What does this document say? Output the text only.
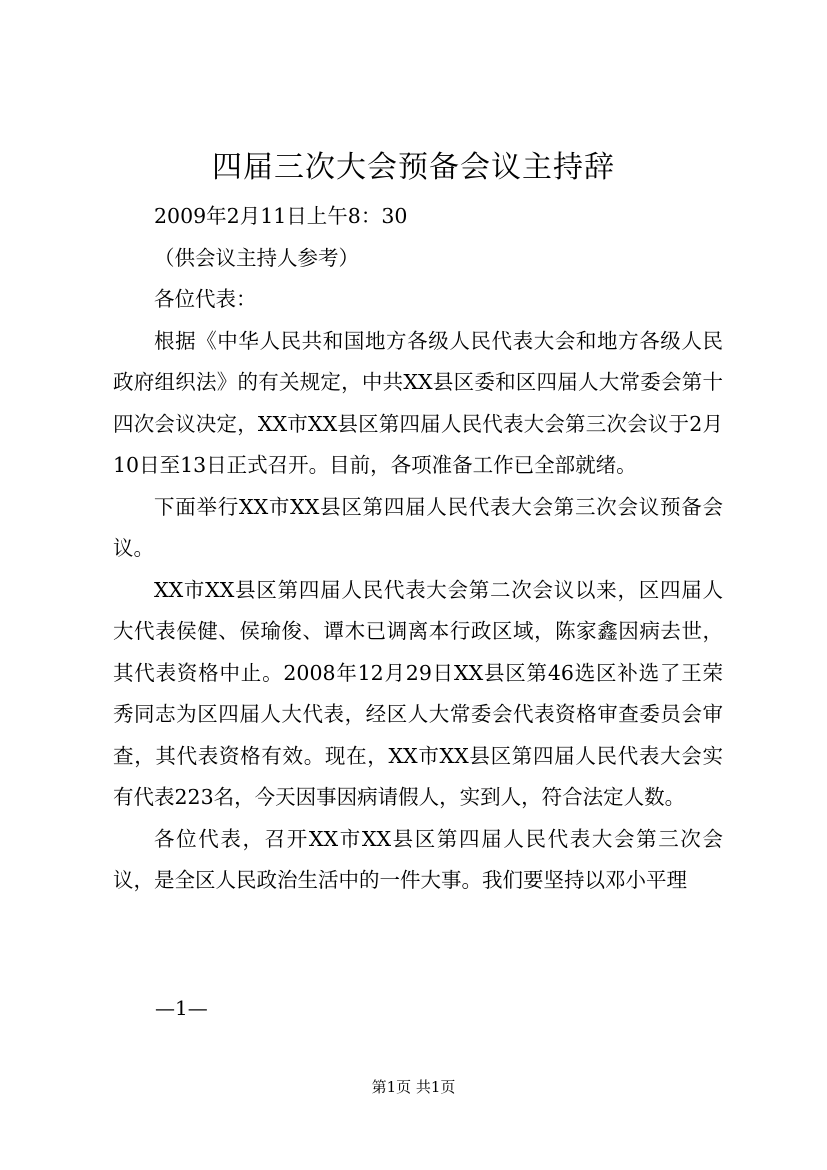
四届三次大会预备会议主持辞

2009年2月11日上午8：30

（供会议主持人参考）

各位代表：

根据《中华人民共和国地方各级人民代表大会和地方各级人民政府组织法》的有关规定，中共XX县区委和区四届人大常委会第十四次会议决定，XX市XX县区第四届人民代表大会第三次会议于2月10日至13日正式召开。目前，各项准备工作已全部就绪。

下面举行XX市XX县区第四届人民代表大会第三次会议预备会议。

XX市XX县区第四届人民代表大会第二次会议以来，区四届人大代表侯健、侯瑜俊、谭木已调离本行政区域，陈家鑫因病去世，其代表资格中止。2008年12月29日XX县区第46选区补选了王荣秀同志为区四届人大代表，经区人大常委会代表资格审查委员会审查，其代表资格有效。现在，XX市XX县区第四届人民代表大会实有代表223名，今天因事因病请假人，实到人，符合法定人数。

各位代表，召开XX市XX县区第四届人民代表大会第三次会议，是全区人民政治生活中的一件大事。我们要坚持以邓小平理

—1—
第1页 共1页
